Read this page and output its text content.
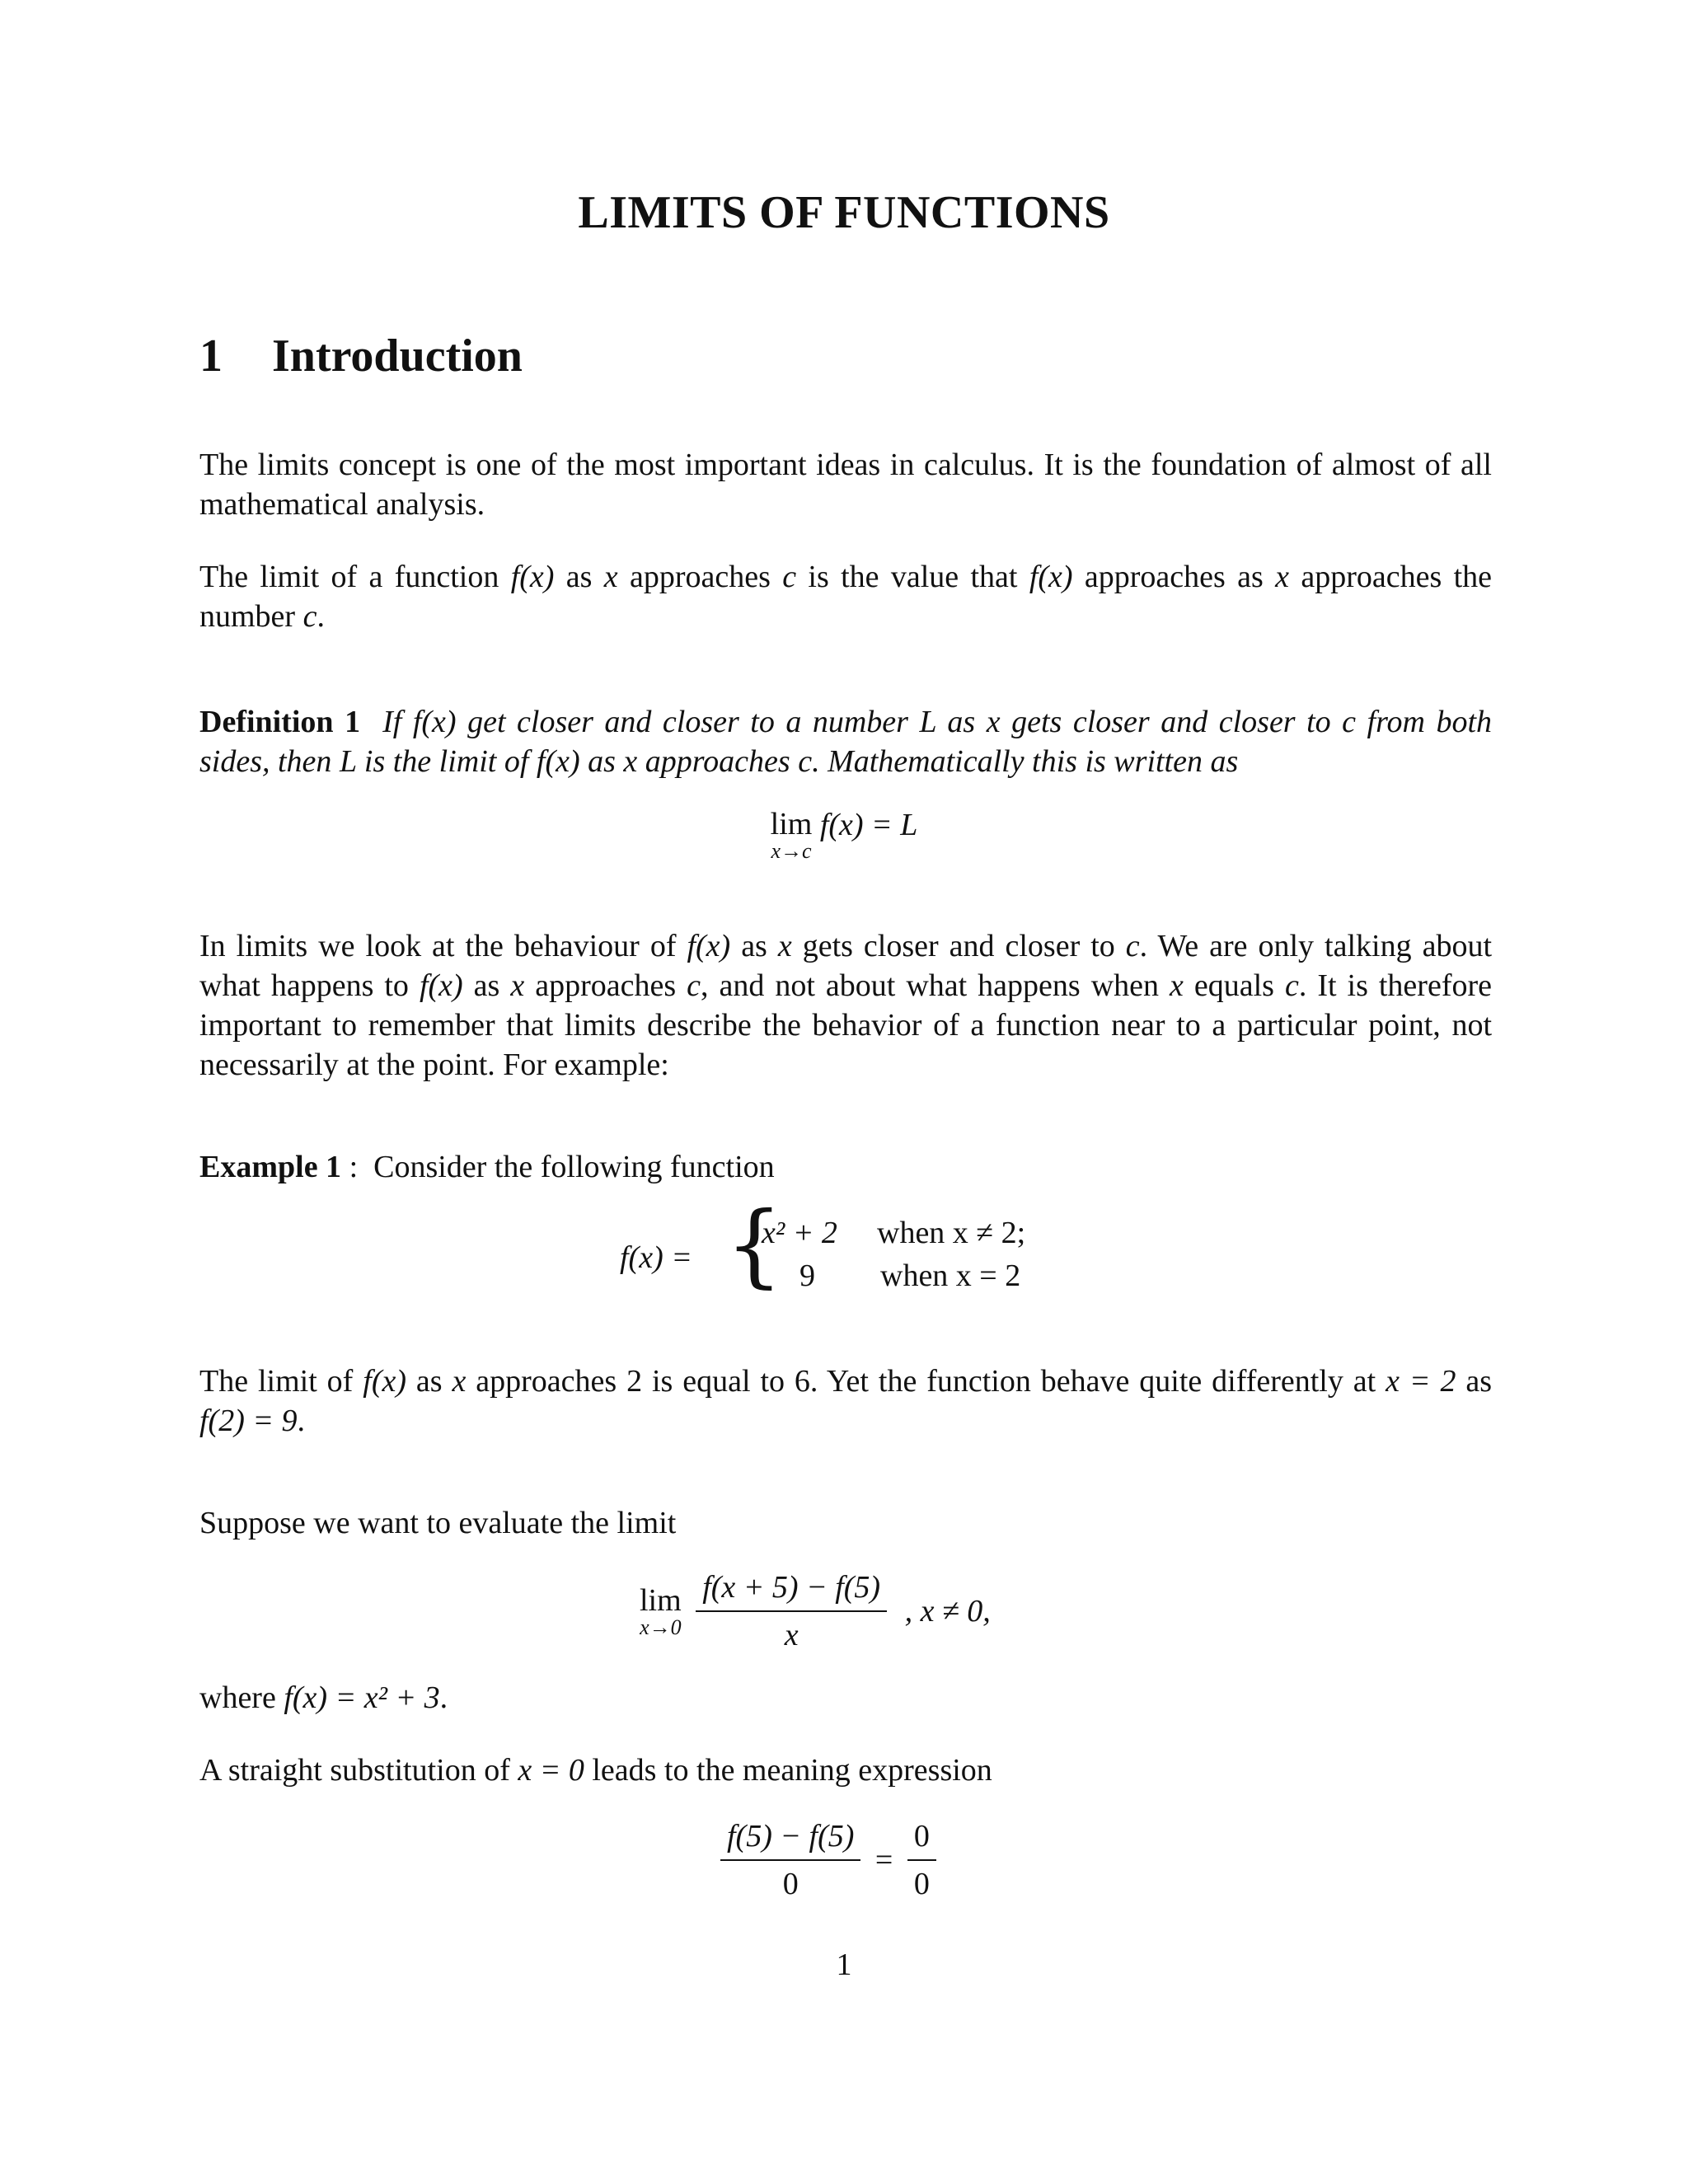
LIMITS OF FUNCTIONS
1 Introduction
The limits concept is one of the most important ideas in calculus. It is the foundation of almost of all mathematical analysis.
The limit of a function f(x) as x approaches c is the value that f(x) approaches as x approaches the number c.
Definition 1 If f(x) get closer and closer to a number L as x gets closer and closer to c from both sides, then L is the limit of f(x) as x approaches c. Mathematically this is written as
lim
x→c
f(x) = L
In limits we look at the behaviour of f(x) as x gets closer and closer to c. We are only talking about what happens to f(x) as x approaches c, and not about what happens when x equals c. It is therefore important to remember that limits describe the behavior of a function near to a particular point, not necessarily at the point. For example:
Example 1 :  Consider the following function
f(x) = {
x² + 2 when x ≠ 2;
9 when x = 2
The limit of f(x) as x approaches 2 is equal to 6. Yet the function behave quite differently at x = 2 as f(2) = 9.
Suppose we want to evaluate the limit
lim
x→0
$\frac{f(x + 5) - f(5)}{x}$ , x ≠ 0,
where f(x) = x² + 3.
A straight substitution of x = 0 leads to the meaning expression
$\frac{f(5) - f(5)}{0} = \frac{0}{0}$
1
